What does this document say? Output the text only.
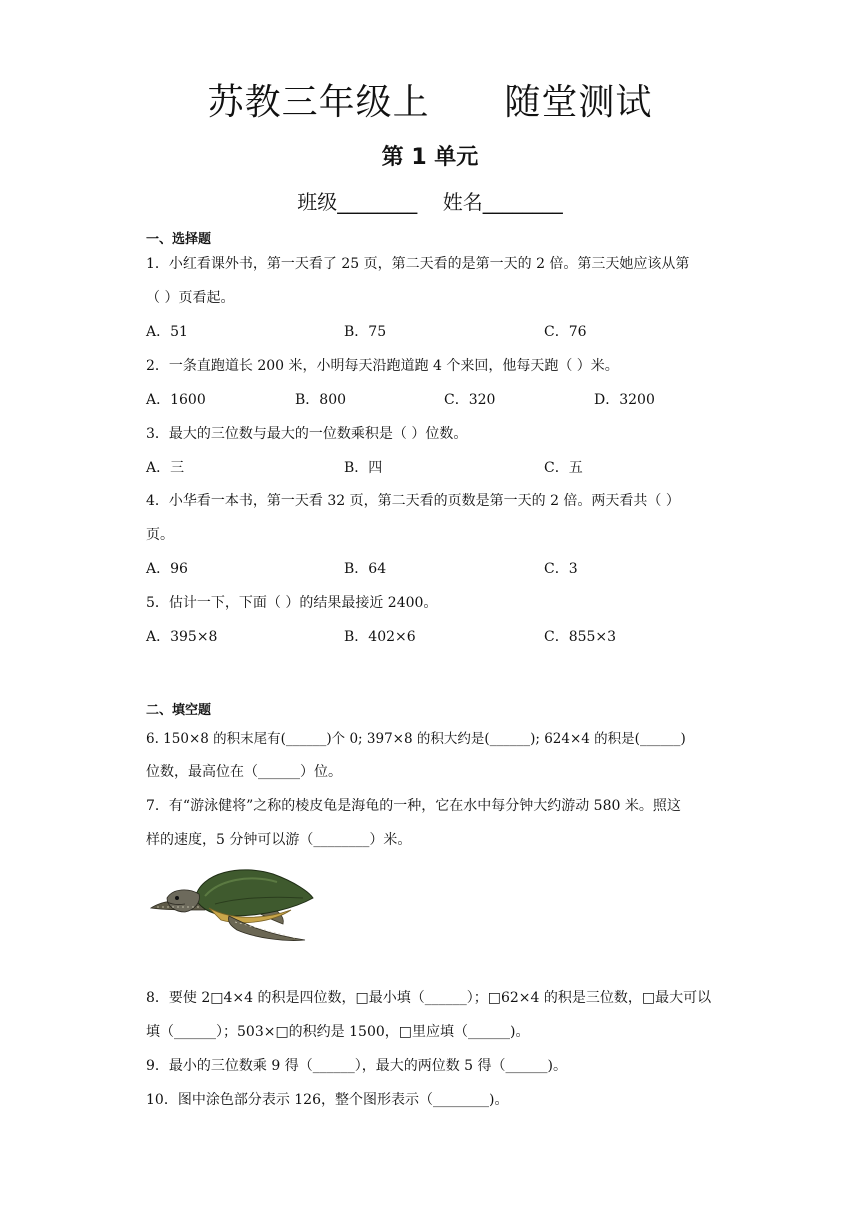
苏教三年级上      随堂测试
第 1 单元
班级________    姓名________
一、选择题
1．小红看课外书，第一天看了 25 页，第二天看的是第一天的 2 倍。第三天她应该从第
（ ）页看起。
A．51	B．75	C．76
2．一条直跑道长 200 米，小明每天沿跑道跑 4 个来回，他每天跑（ ）米。
A．1600	B．800	C．320	D．3200
3．最大的三位数与最大的一位数乘积是（ ）位数。
A．三	B．四	C．五
4．小华看一本书，第一天看 32 页，第二天看的页数是第一天的 2 倍。两天看共（ ）
页。
A．96	B．64	C．3
5．估计一下，下面（ ）的结果最接近 2400。
A．395×8	B．402×6	C．855×3
二、填空题
6. 150×8 的积末尾有(______)个 0; 397×8 的积大约是(______); 624×4 的积是(______)
位数，最高位在（______）位。
7．有“游泳健将”之称的棱皮龟是海龟的一种，它在水中每分钟大约游动 580 米。照这
样的速度，5 分钟可以游（________）米。
8．要使 2□4×4 的积是四位数，□最小填（______）；□62×4 的积是三位数，□最大可以
填（______）；503×□的积约是 1500，□里应填（______)。
9．最小的三位数乘 9 得（______），最大的两位数 5 得（______)。
10．图中涂色部分表示 126，整个图形表示（________)。
